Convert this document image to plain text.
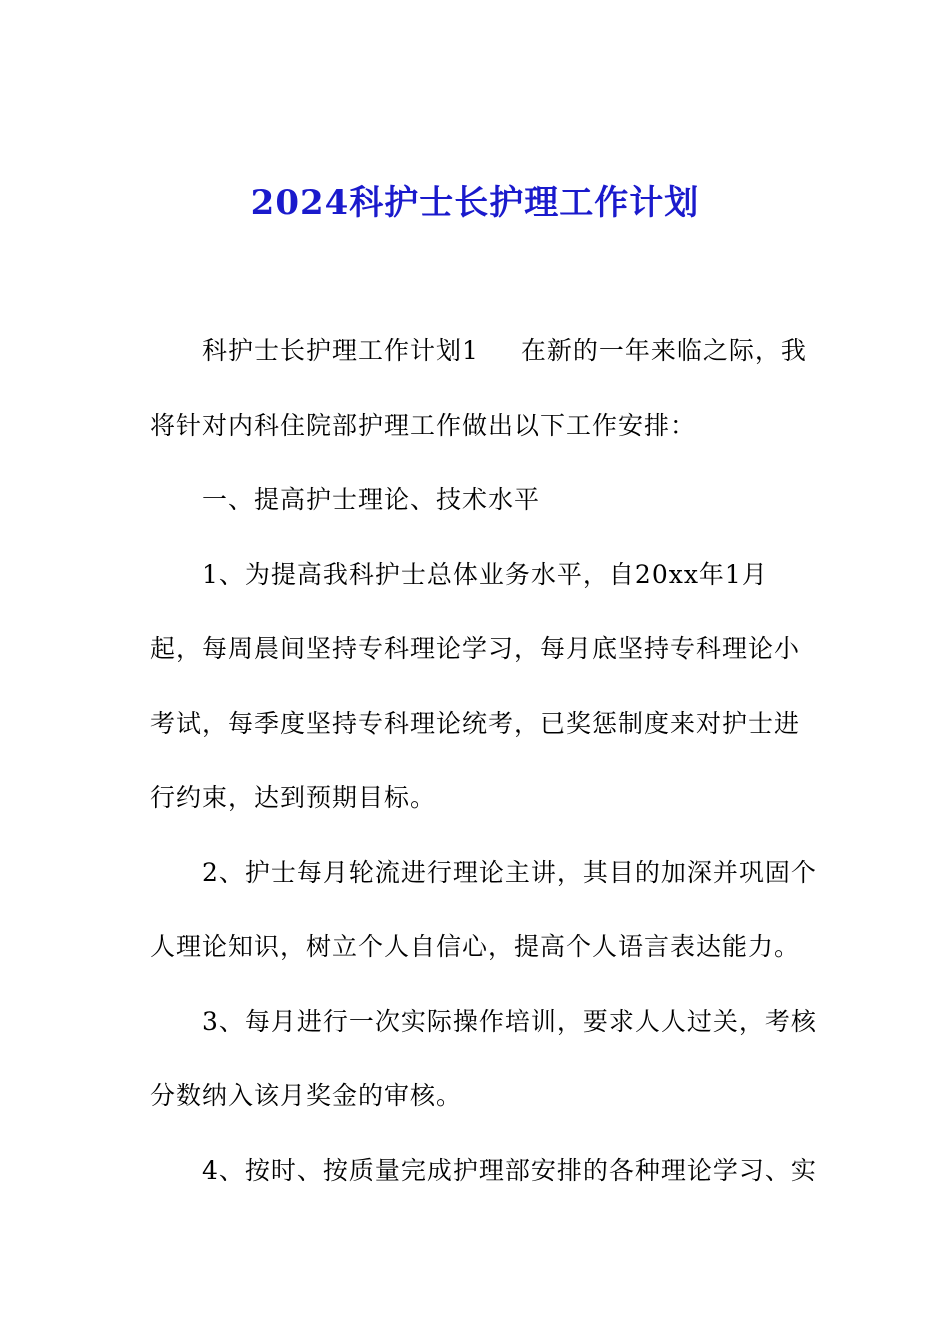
2024科护士长护理工作计划
科护士长护理工作计划1 在新的一年来临之际，我
将针对内科住院部护理工作做出以下工作安排：
一、提高护士理论、技术水平
1、为提高我科护士总体业务水平，自20xx年1月
起，每周晨间坚持专科理论学习，每月底坚持专科理论小
考试，每季度坚持专科理论统考，已奖惩制度来对护士进
行约束，达到预期目标。
2、护士每月轮流进行理论主讲，其目的加深并巩固个
人理论知识，树立个人自信心，提高个人语言表达能力。
3、每月进行一次实际操作培训，要求人人过关，考核
分数纳入该月奖金的审核。
4、按时、按质量完成护理部安排的各种理论学习、实
